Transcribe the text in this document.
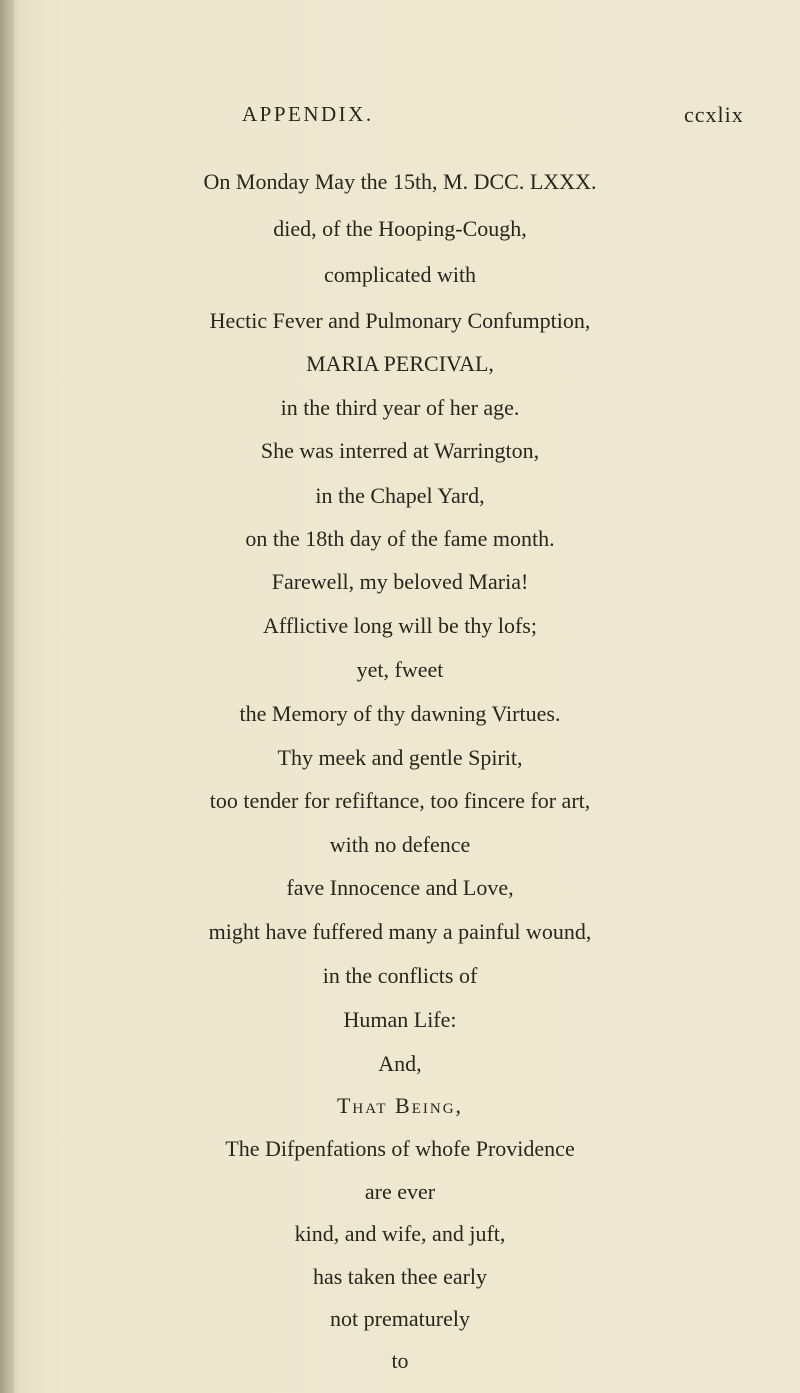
APPENDIX.	ccxlix
On Monday May the 15th, M. DCC. LXXX.
died, of the Hooping-Cough,
complicated with
Hectic Fever and Pulmonary Confumption,
MARIA PERCIVAL,
in the third year of her age.
She was interred at Warrington,
in the Chapel Yard,
on the 18th day of the fame month.
Farewell, my beloved Maria!
Afflictive long will be thy lofs;
yet, fweet
the Memory of thy dawning Virtues.
Thy meek and gentle Spirit,
too tender for refiftance, too fincere for art,
with no defence
fave Innocence and Love,
might have fuffered many a painful wound,
in the conflicts of
Human Life:
And,
That Being,
The Difpenfations of whofe Providence
are ever
kind, and wife, and juft,
has taken thee early
not prematurely
to
